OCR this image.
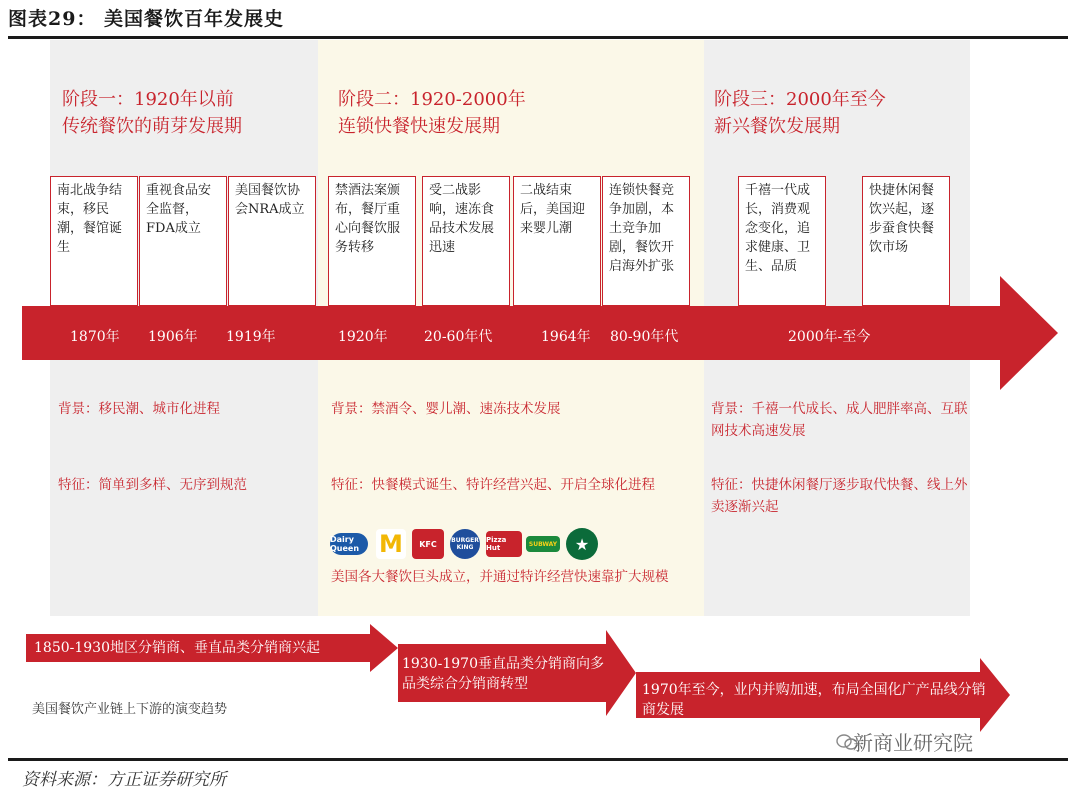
图表29： 美国餐饮百年发展史
阶段一：1920年以前
传统餐饮的萌芽发展期
阶段二：1920-2000年
连锁快餐快速发展期
阶段三：2000年至今
新兴餐饮发展期
南北战争结束，移民潮，餐馆诞生
重视食品安全监督，FDA成立
美国餐饮协会NRA成立
禁酒法案颁布，餐厅重心向餐饮服务转移
受二战影响，速冻食品技术发展迅速
二战结束后，美国迎来婴儿潮
连锁快餐竞争加剧，本土竞争加剧，餐饮开启海外扩张
千禧一代成长，消费观念变化，追求健康、卫生、品质
快捷休闲餐饮兴起，逐步蚕食快餐饮市场
1870年 1906年 1919年	1920年	20-60年代	1964年 80-90年代	2000年-至今
背景：移民潮、城市化进程	背景：禁酒令、婴儿潮、速冻技术发展	背景：千禧一代成长、成人肥胖率高、互联网技术高速发展
特征：简单到多样、无序到规范	特征：快餐模式诞生、特许经营兴起、开启全球化进程	特征：快捷休闲餐厅逐步取代快餐、线上外卖逐渐兴起
Dairy Queen M	KFC	BURGER KING
Pizza Hut	SUBWAY	★
美国各大餐饮巨头成立，并通过特许经营快速靠扩大规模
1850-1930地区分销商、垂直品类分销商兴起
1930-1970垂直品类分销商向多品类综合分销商转型	1970年至今，业内并购加速，布局全国化广产品线分销商发展
美国餐饮产业链上下游的演变趋势
新商业研究院
资料来源：方正证券研究所
